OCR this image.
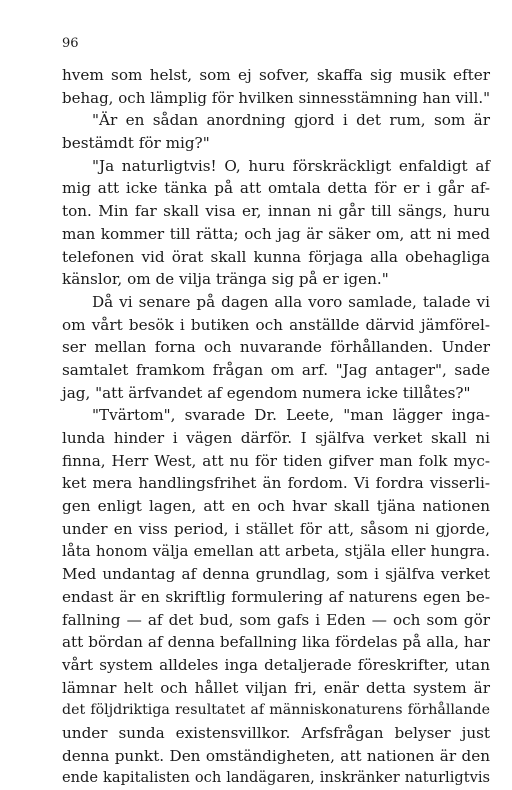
96
hvem som helst, som ej sofver, skaffa sig musik efter
behag, och lämplig för hvilken sinnesstämning han vill."
"Är en sådan anordning gjord i det rum, som är
bestämdt för mig?"
"Ja naturligtvis! O, huru förskräckligt enfaldigt af
mig att icke tänka på att omtala detta för er i går af-
ton. Min far skall visa er, innan ni går till sängs, huru
man kommer till rätta; och jag är säker om, att ni med
telefonen vid örat skall kunna förjaga alla obehagliga
känslor, om de vilja tränga sig på er igen."
Då vi senare på dagen alla voro samlade, talade vi
om vårt besök i butiken och anställde därvid jämförel-
ser mellan forna och nuvarande förhållanden. Under
samtalet framkom frågan om arf. "Jag antager", sade
jag, "att ärfvandet af egendom numera icke tillåtes?"
"Tvärtom", svarade Dr. Leete, "man lägger inga-
lunda hinder i vägen därför. I själfva verket skall ni
finna, Herr West, att nu för tiden gifver man folk myc-
ket mera handlingsfrihet än fordom. Vi fordra visserli-
gen enligt lagen, att en och hvar skall tjäna nationen
under en viss period, i stället för att, såsom ni gjorde,
låta honom välja emellan att arbeta, stjäla eller hungra.
Med undantag af denna grundlag, som i själfva verket
endast är en skriftlig formulering af naturens egen be-
fallning — af det bud, som gafs i Eden — och som gör
att bördan af denna befallning lika fördelas på alla, har
vårt system alldeles inga detaljerade föreskrifter, utan
lämnar helt och hållet viljan fri, enär detta system är
det följdriktiga resultatet af människonaturens förhållande
under sunda existensvillkor. Arfsfrågan belyser just
denna punkt. Den omständigheten, att nationen är den
ende kapitalisten och landägaren, inskränker naturligtvis
